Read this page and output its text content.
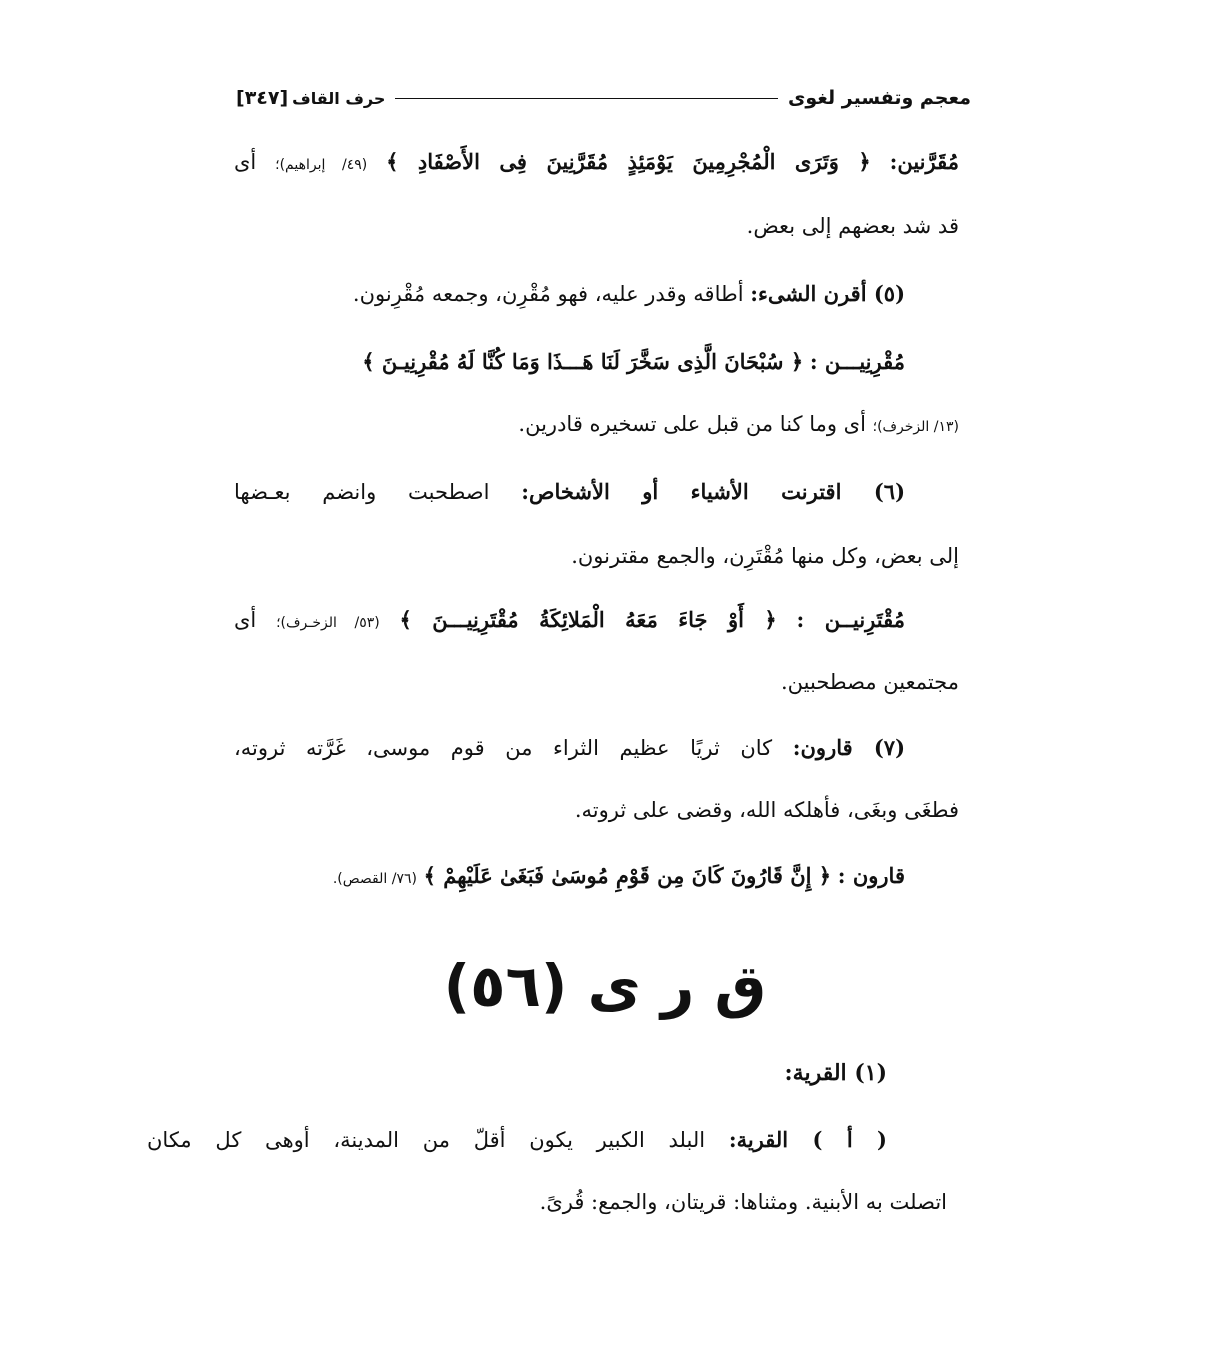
معجم وتفسير لغوى
حرف القاف
[٣٤٧]
مُقَرَّنين: ﴿ وَتَرَى الْمُجْرِمِينَ يَوْمَئِذٍ مُقَرَّنِينَ فِى الأَصْفَادِ ﴾ (٤٩/ إبراهيم)؛ أى
قد شد بعضهم إلى بعض.
(٥) أقرن الشىء: أطاقه وقدر عليه، فهو مُقْرِن، وجمعه مُقْرِنون.
مُقْرِنِيـــن : ﴿ سُبْحَانَ الَّذِى سَخَّرَ لَنَا هَـــذَا وَمَا كُنَّا لَهُ مُقْرِنِيـنَ ﴾
(١٣/ الزخرف)؛ أى وما كنا من قبل على تسخيره قادرين.
(٦) اقترنت الأشياء أو الأشخاص: اصطحبت وانضم بعـضها
إلى بعض، وكل منها مُقْتَرِن، والجمع مقترنون.
مُقْتَرِنيــن : ﴿ أَوْ جَاءَ مَعَهُ الْمَلائِكَةُ مُقْتَرِنِيـــنَ ﴾ (٥٣/ الزخـرف)؛ أى
مجتمعين مصطحبين.
(٧) قارون: كان ثريًا عظيم الثراء من قوم موسى، غَرَّته ثروته،
فطغَى وبغَى، فأهلكه الله، وقضى على ثروته.
قارون : ﴿ إِنَّ قَارُونَ كَانَ مِن قَوْمِ مُوسَىٰ فَبَغَىٰ عَلَيْهِمْ ﴾ (٧٦/ القصص).
ق ر ى (٥٦)
(١) القرية:
( أ ) القرية: البلد الكبير يكون أقلّ من المدينة، أوهى كل مكان
اتصلت به الأبنية. ومثناها: قريتان، والجمع: قُرىً.
